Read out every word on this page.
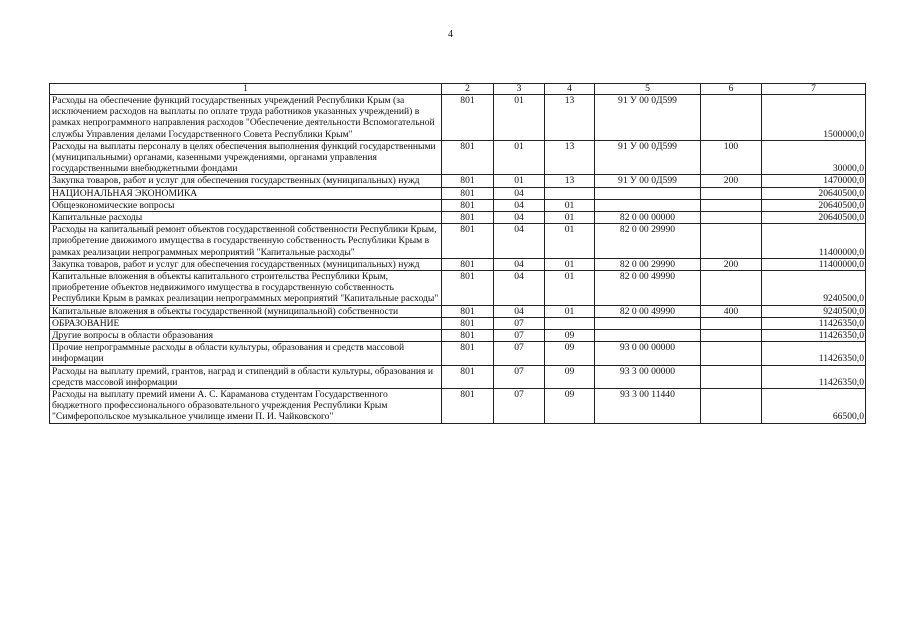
4
1	2	3	4	5	6	7
Расходы на обеспечение функций государственных учреждений Республики Крым (за исключением расходов на выплаты по оплате труда работников указанных учреждений) в рамках непрограммного направления расходов "Обеспечение деятельности Вспомогательной службы Управления делами Государственного Совета Республики Крым"	801	01	13	91 У 00 0Д599		1500000,0
Расходы на выплаты персоналу в целях обеспечения выполнения функций государственными (муниципальными) органами, казенными учреждениями, органами управления государственными внебюджетными фондами	801	01	13	91 У 00 0Д599	100	30000,0
Закупка товаров, работ и услуг для обеспечения государственных (муниципальных) нужд	801	01	13	91 У 00 0Д599	200	1470000,0
НАЦИОНАЛЬНАЯ ЭКОНОМИКА	801	04				20640500,0
Общеэкономические вопросы	801	04	01			20640500,0
Капитальные расходы	801	04	01	82 0 00 00000		20640500,0
Расходы на капитальный ремонт объектов государственной собственности Республики Крым, приобретение движимого имущества в государственную собственность Республики Крым в рамках реализации непрограммных мероприятий "Капитальные расходы"	801	04	01	82 0 00 29990		11400000,0
Закупка товаров, работ и услуг для обеспечения государственных (муниципальных) нужд	801	04	01	82 0 00 29990	200	11400000,0
Капитальные вложения в объекты капитального строительства Республики Крым, приобретение объектов недвижимого имущества в государственную собственность Республики Крым в рамках реализации непрограммных мероприятий "Капитальные расходы"	801	04	01	82 0 00 49990		9240500,0
Капитальные вложения в объекты государственной (муниципальной) собственности	801	04	01	82 0 00 49990	400	9240500,0
ОБРАЗОВАНИЕ	801	07				11426350,0
Другие вопросы в области образования	801	07	09			11426350,0
Прочие непрограммные расходы в области культуры, образования и средств массовой информации	801	07	09	93 0 00 00000		11426350,0
Расходы на выплату премий, грантов, наград и стипендий в области культуры, образования и средств массовой информации	801	07	09	93 3 00 00000		11426350,0
Расходы на выплату премий имени А. С. Караманова студентам Государственного бюджетного профессионального образовательного учреждения Республики Крым "Симферопольское музыкальное училище имени П. И. Чайковского"	801	07	09	93 3 00 11440		66500,0
